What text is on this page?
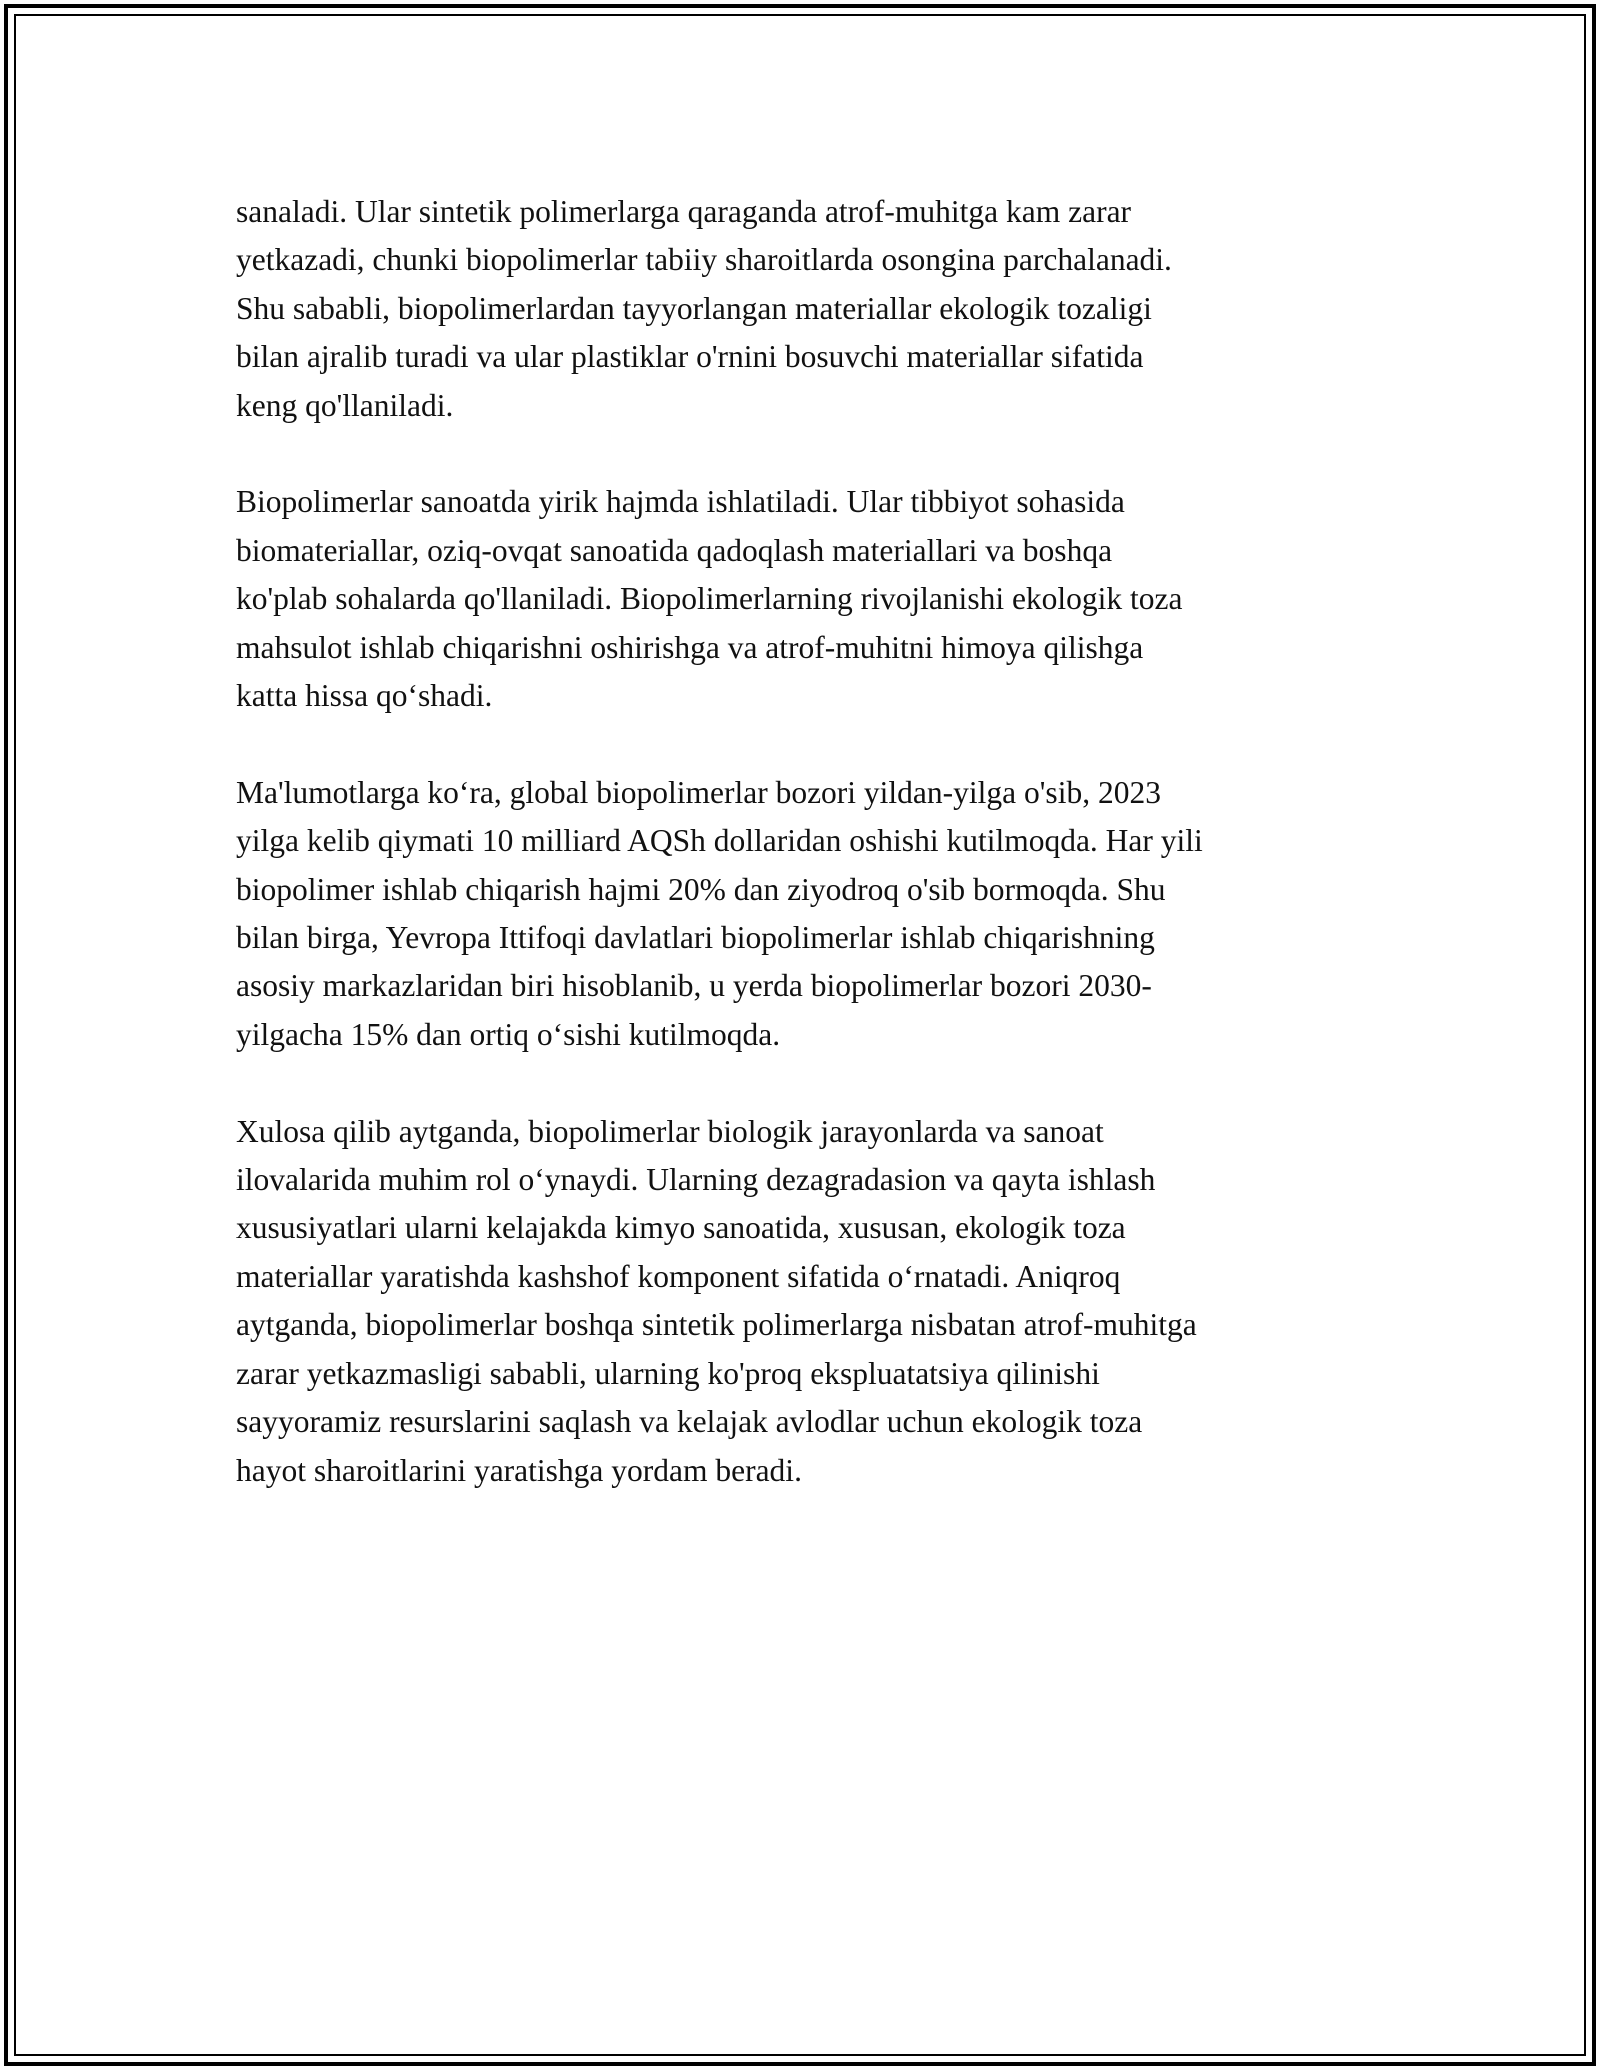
sanaladi. Ular sintetik polimerlarga qaraganda atrof-muhitga kam zarar
yetkazadi, chunki biopolimerlar tabiiy sharoitlarda osongina parchalanadi.
Shu sababli, biopolimerlardan tayyorlangan materiallar ekologik tozaligi
bilan ajralib turadi va ular plastiklar o'rnini bosuvchi materiallar sifatida
keng qo'llaniladi.

Biopolimerlar sanoatda yirik hajmda ishlatiladi. Ular tibbiyot sohasida
biomateriallar, oziq-ovqat sanoatida qadoqlash materiallari va boshqa
ko'plab sohalarda qo'llaniladi. Biopolimerlarning rivojlanishi ekologik toza
mahsulot ishlab chiqarishni oshirishga va atrof-muhitni himoya qilishga
katta hissa qo‘shadi.

Ma'lumotlarga ko‘ra, global biopolimerlar bozori yildan-yilga o'sib, 2023
yilga kelib qiymati 10 milliard AQSh dollaridan oshishi kutilmoqda. Har yili
biopolimer ishlab chiqarish hajmi 20% dan ziyodroq o'sib bormoqda. Shu
bilan birga, Yevropa Ittifoqi davlatlari biopolimerlar ishlab chiqarishning
asosiy markazlaridan biri hisoblanib, u yerda biopolimerlar bozori 2030-
yilgacha 15% dan ortiq o‘sishi kutilmoqda.

Xulosa qilib aytganda, biopolimerlar biologik jarayonlarda va sanoat
ilovalarida muhim rol o‘ynaydi. Ularning dezagradasion va qayta ishlash
xususiyatlari ularni kelajakda kimyo sanoatida, xususan, ekologik toza
materiallar yaratishda kashshof komponent sifatida o‘rnatadi. Aniqroq
aytganda, biopolimerlar boshqa sintetik polimerlarga nisbatan atrof-muhitga
zarar yetkazmasligi sababli, ularning ko'proq ekspluatatsiya qilinishi
sayyoramiz resurslarini saqlash va kelajak avlodlar uchun ekologik toza
hayot sharoitlarini yaratishga yordam beradi.
